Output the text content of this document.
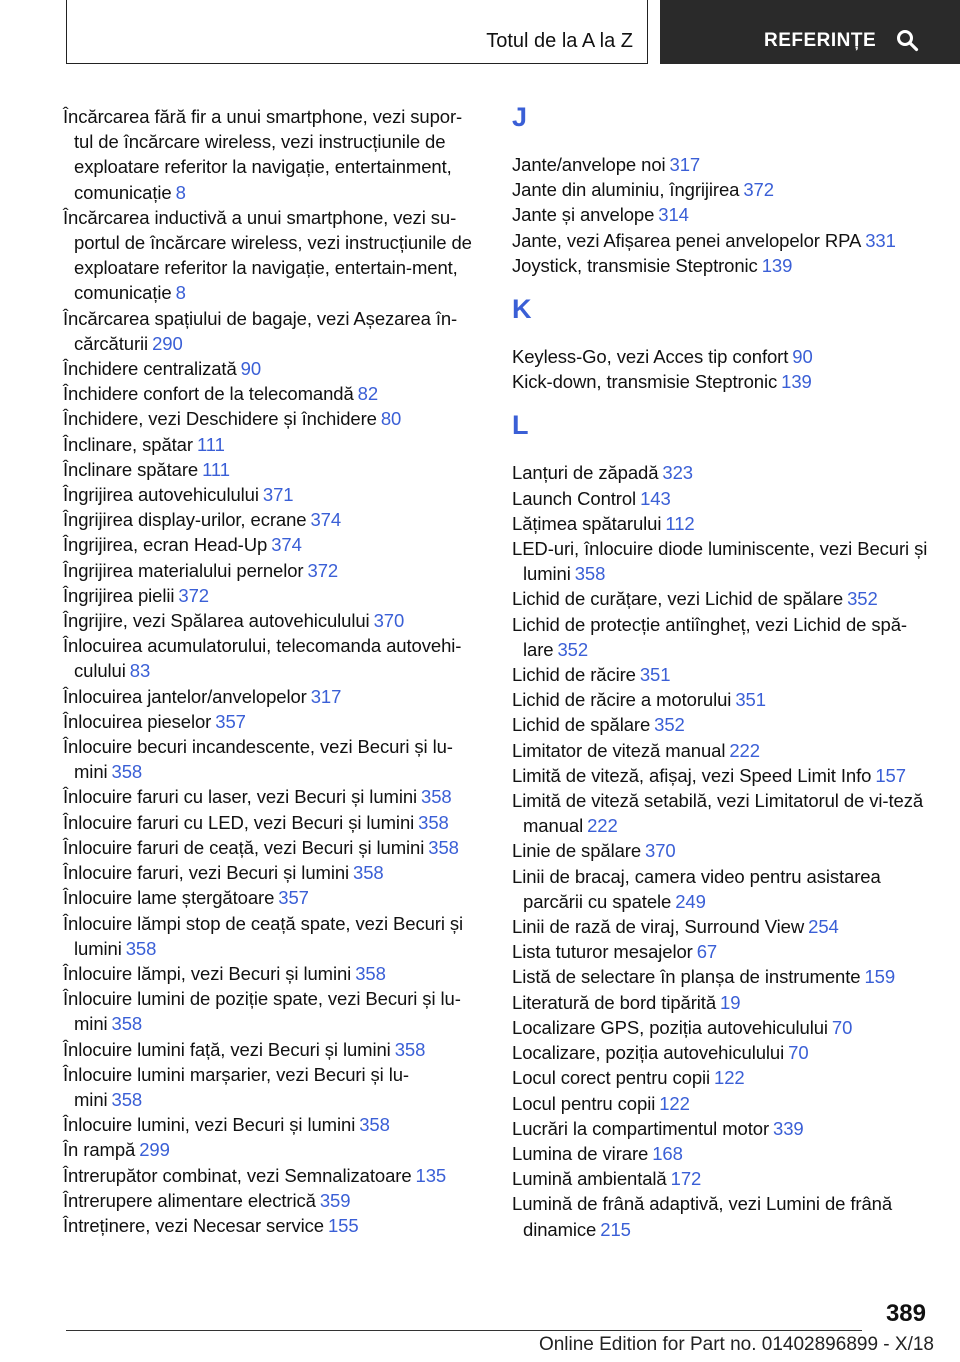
Totul de la A la Z	REFERINȚE
Încărcarea fără fir a unui smartphone, vezi supor-tul de încărcare wireless, vezi instrucțiunile de exploatare referitor la navigație, entertainment, comunicație 8
Încărcarea inductivă a unui smartphone, vezi su-portul de încărcare wireless, vezi instrucțiunile de exploatare referitor la navigație, entertain-ment, comunicație 8
Încărcarea spațiului de bagaje, vezi Așezarea în-cărcăturii 290
Închidere centralizată 90
Închidere confort de la telecomandă 82
Închidere, vezi Deschidere și închidere 80
Înclinare, spătar 111
Înclinare spătare 111
Îngrijirea autovehiculului 371
Îngrijirea display-urilor, ecrane 374
Îngrijirea, ecran Head-Up 374
Îngrijirea materialului pernelor 372
Îngrijirea pielii 372
Îngrijire, vezi Spălarea autovehiculului 370
Înlocuirea acumulatorului, telecomanda autovehi-culului 83
Înlocuirea jantelor/anvelopelor 317
Înlocuirea pieselor 357
Înlocuire becuri incandescente, vezi Becuri și lu-mini 358
Înlocuire faruri cu laser, vezi Becuri și lumini 358
Înlocuire faruri cu LED, vezi Becuri și lumini 358
Înlocuire faruri de ceață, vezi Becuri și lumini 358
Înlocuire faruri, vezi Becuri și lumini 358
Înlocuire lame ștergătoare 357
Înlocuire lămpi stop de ceață spate, vezi Becuri și lumini 358
Înlocuire lămpi, vezi Becuri și lumini 358
Înlocuire lumini de poziție spate, vezi Becuri și lu-mini 358
Înlocuire lumini față, vezi Becuri și lumini 358
Înlocuire lumini marșarier, vezi Becuri și lu-mini 358
Înlocuire lumini, vezi Becuri și lumini 358
În rampă 299
Întrerupător combinat, vezi Semnalizatoare 135
Întrerupere alimentare electrică 359
Întreținere, vezi Necesar service 155
J
Jante/anvelope noi 317
Jante din aluminiu, îngrijirea 372
Jante și anvelope 314
Jante, vezi Afișarea penei anvelopelor RPA 331
Joystick, transmisie Steptronic 139
K
Keyless-Go, vezi Acces tip confort 90
Kick-down, transmisie Steptronic 139
L
Lanțuri de zăpadă 323
Launch Control 143
Lățimea spătarului 112
LED-uri, înlocuire diode luminiscente, vezi Becuri și lumini 358
Lichid de curățare, vezi Lichid de spălare 352
Lichid de protecție antiîngheț, vezi Lichid de spă-lare 352
Lichid de răcire 351
Lichid de răcire a motorului 351
Lichid de spălare 352
Limitator de viteză manual 222
Limită de viteză, afișaj, vezi Speed Limit Info 157
Limită de viteză setabilă, vezi Limitatorul de vi-teză manual 222
Linie de spălare 370
Linii de bracaj, camera video pentru asistarea parcării cu spatele 249
Linii de rază de viraj, Surround View 254
Lista tuturor mesajelor 67
Listă de selectare în planșa de instrumente 159
Literatură de bord tipărită 19
Localizare GPS, poziția autovehiculului 70
Localizare, poziția autovehiculului 70
Locul corect pentru copii 122
Locul pentru copii 122
Lucrări la compartimentul motor 339
Lumina de virare 168
Lumină ambientală 172
Lumină de frână adaptivă, vezi Lumini de frână dinamice 215
389
Online Edition for Part no. 01402896899 - X/18
